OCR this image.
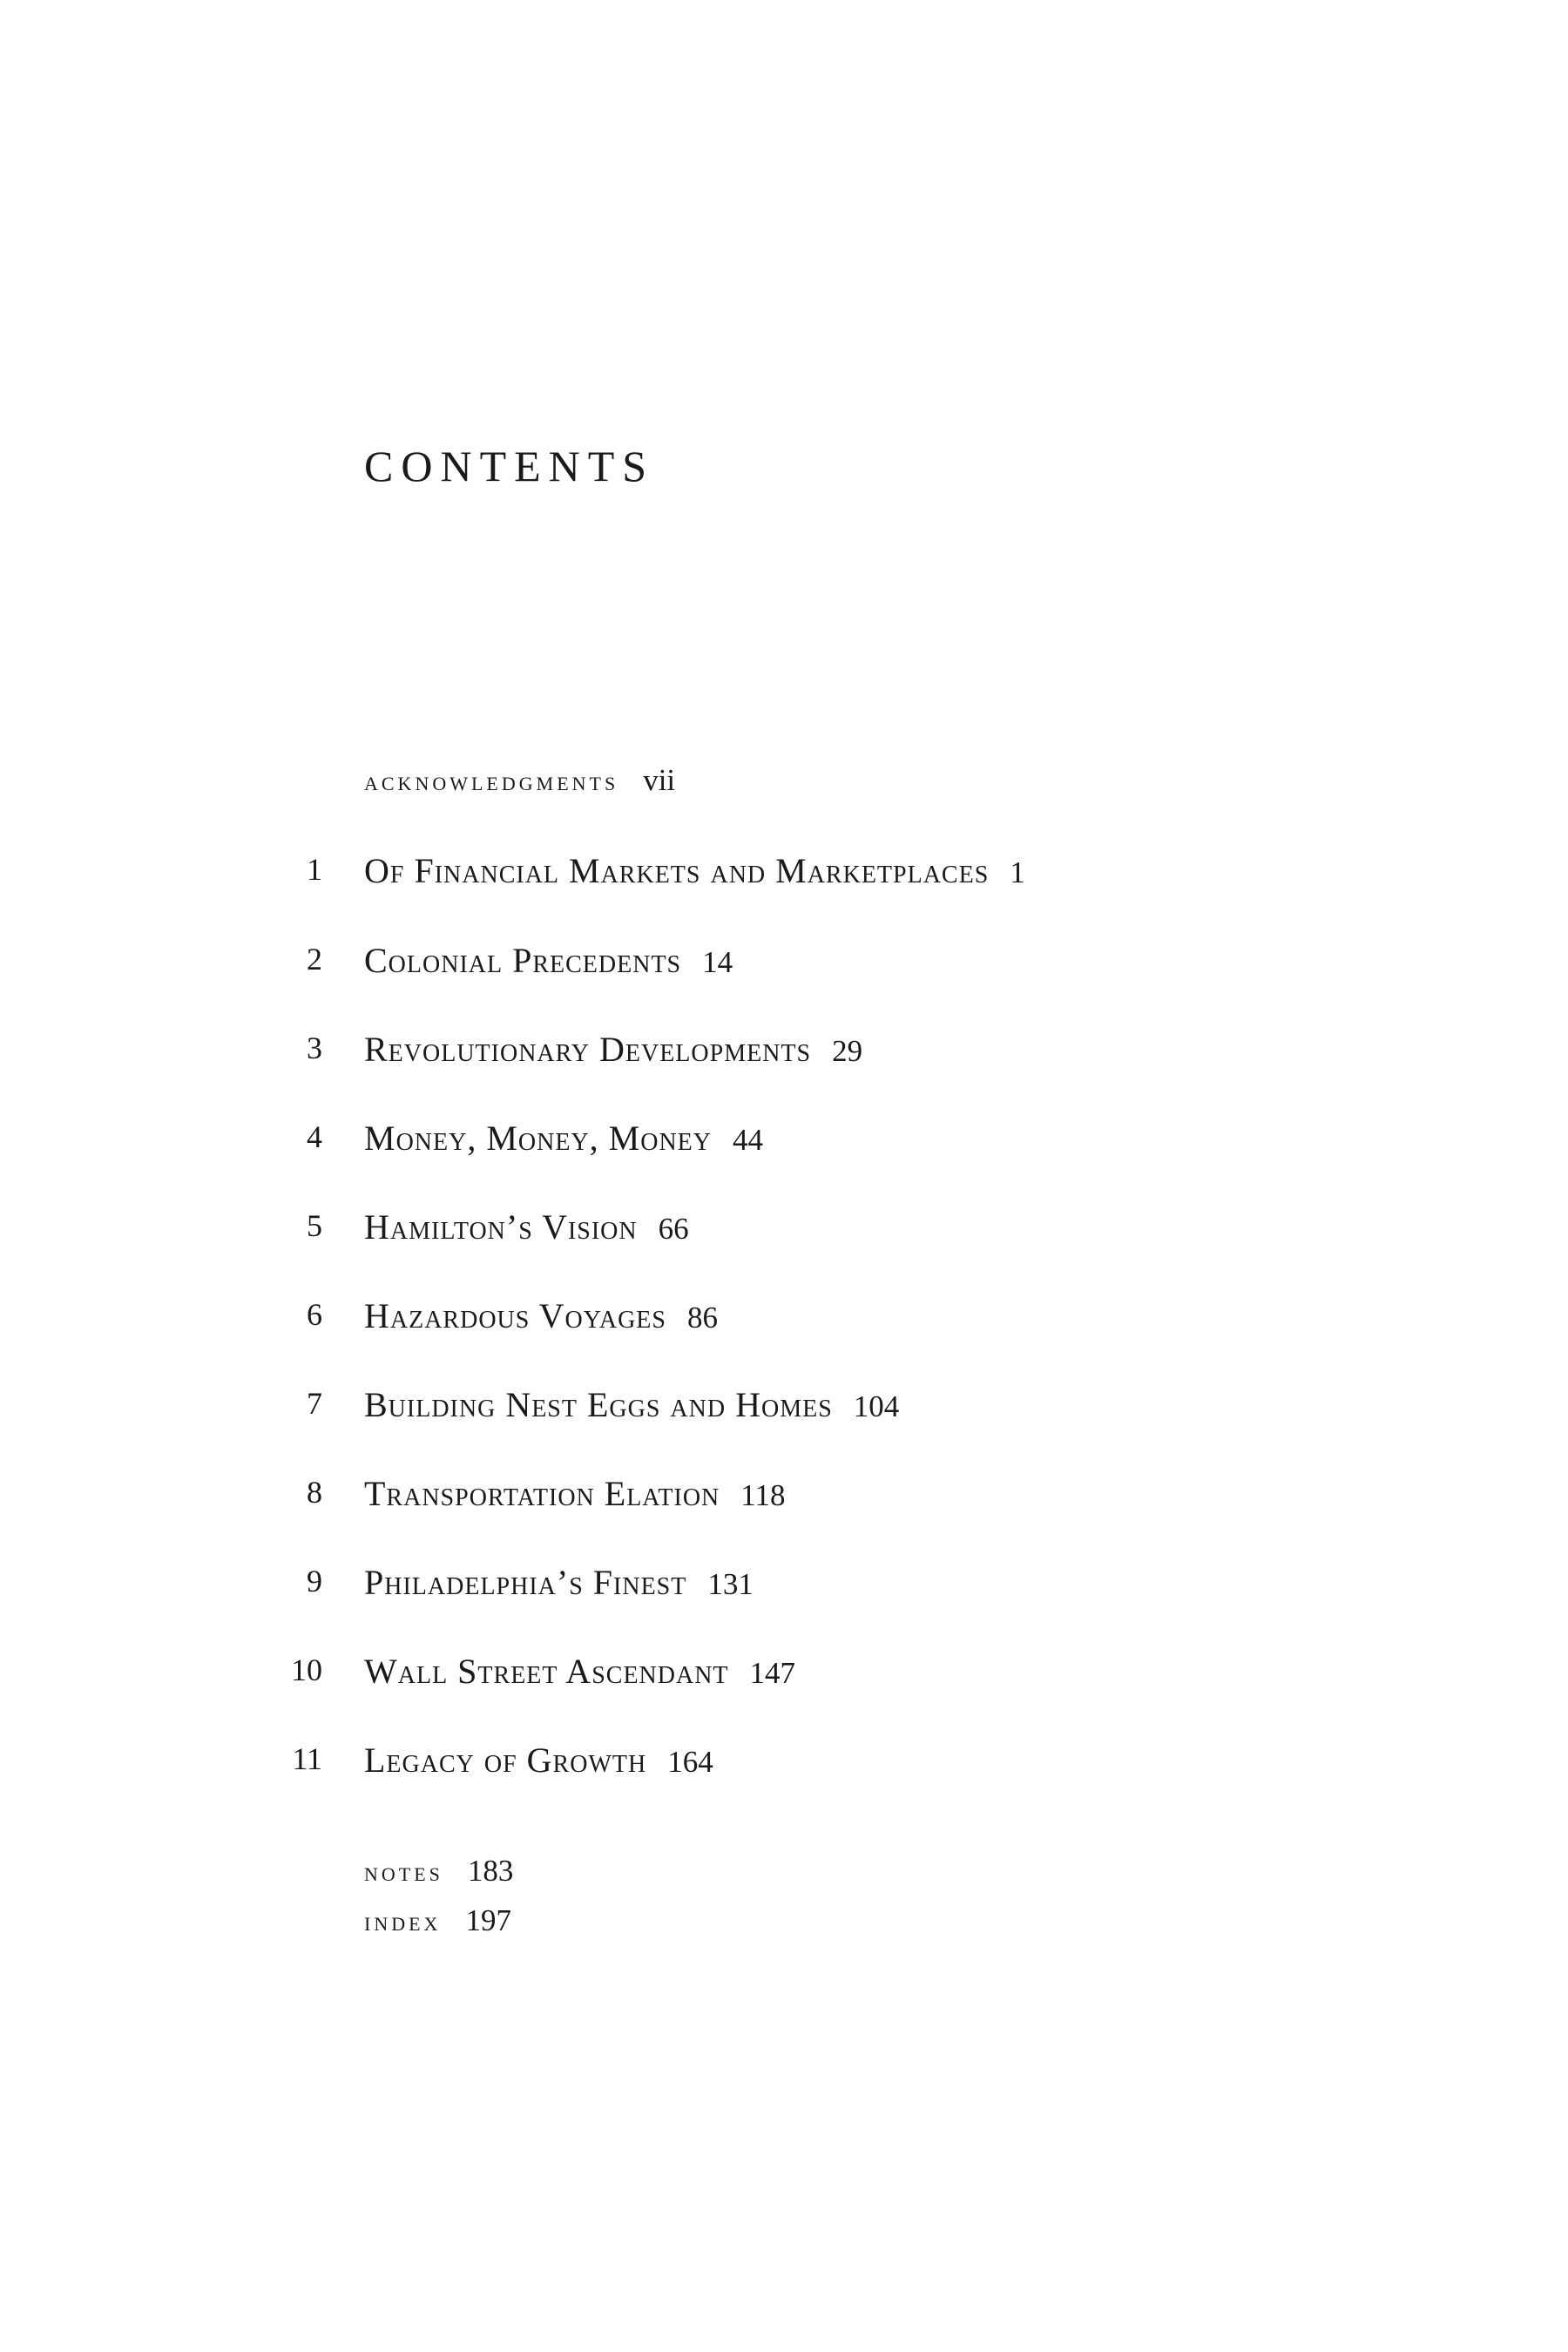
CONTENTS
acknowledgments vii
1 Of Financial Markets and Marketplaces 1
2 Colonial Precedents 14
3 Revolutionary Developments 29
4 Money, Money, Money 44
5 Hamilton’s Vision 66
6 Hazardous Voyages 86
7 Building Nest Eggs and Homes 104
8 Transportation Elation 118
9 Philadelphia’s Finest 131
10 Wall Street Ascendant 147
11 Legacy of Growth 164
notes 183
index 197
